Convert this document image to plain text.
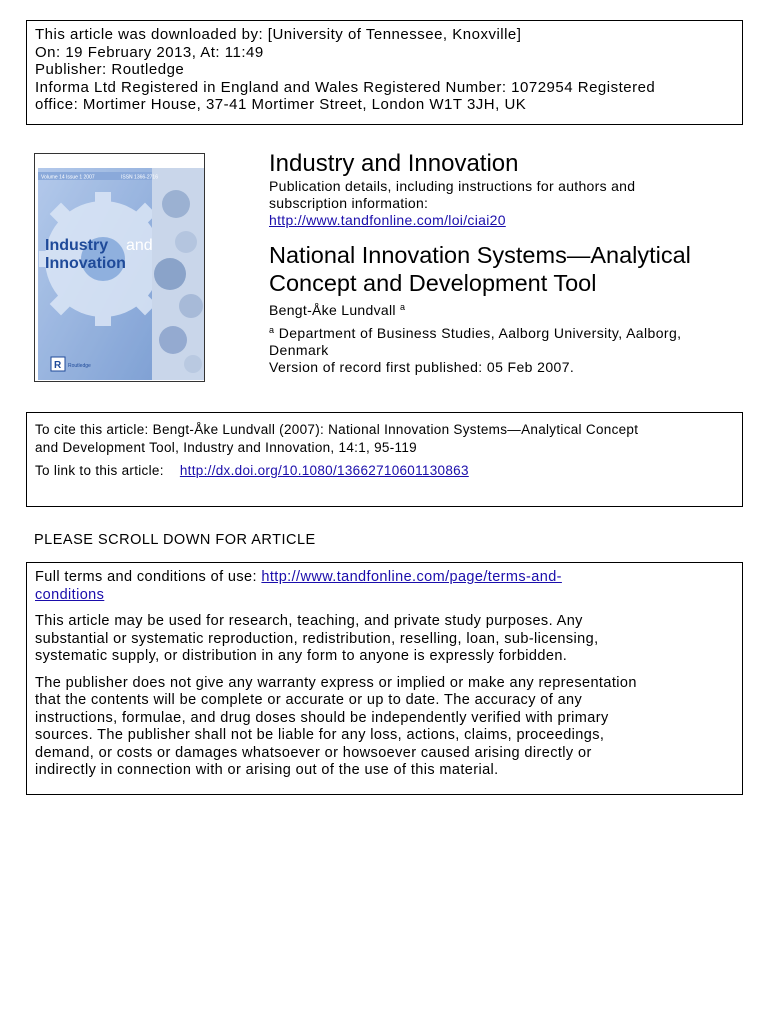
This article was downloaded by: [University of Tennessee, Knoxville]
On: 19 February 2013, At: 11:49
Publisher: Routledge
Informa Ltd Registered in England and Wales Registered Number: 1072954 Registered
office: Mortimer House, 37-41 Mortimer Street, London W1T 3JH, UK
Volume 14 Issue 1 2007	ISSN 1366-2716
Industry and
Innovation
R Routledge
Industry and Innovation
Publication details, including instructions for authors and
subscription information:
http://www.tandfonline.com/loi/ciai20
National Innovation Systems—Analytical Concept and Development Tool
Bengt-Åke Lundvall $^a$
$^a$ Department of Business Studies, Aalborg University, Aalborg,
Denmark
Version of record first published: 05 Feb 2007.
To cite this article: Bengt-Åke Lundvall (2007): National Innovation Systems—Analytical Concept
and Development Tool, Industry and Innovation, 14:1, 95-119
To link to this article: http://dx.doi.org/10.1080/13662710601130863
PLEASE SCROLL DOWN FOR ARTICLE
Full terms and conditions of use: http://www.tandfonline.com/page/terms-and-
conditions
This article may be used for research, teaching, and private study purposes. Any
substantial or systematic reproduction, redistribution, reselling, loan, sub-licensing,
systematic supply, or distribution in any form to anyone is expressly forbidden.
The publisher does not give any warranty express or implied or make any representation
that the contents will be complete or accurate or up to date. The accuracy of any
instructions, formulae, and drug doses should be independently verified with primary
sources. The publisher shall not be liable for any loss, actions, claims, proceedings,
demand, or costs or damages whatsoever or howsoever caused arising directly or
indirectly in connection with or arising out of the use of this material.
